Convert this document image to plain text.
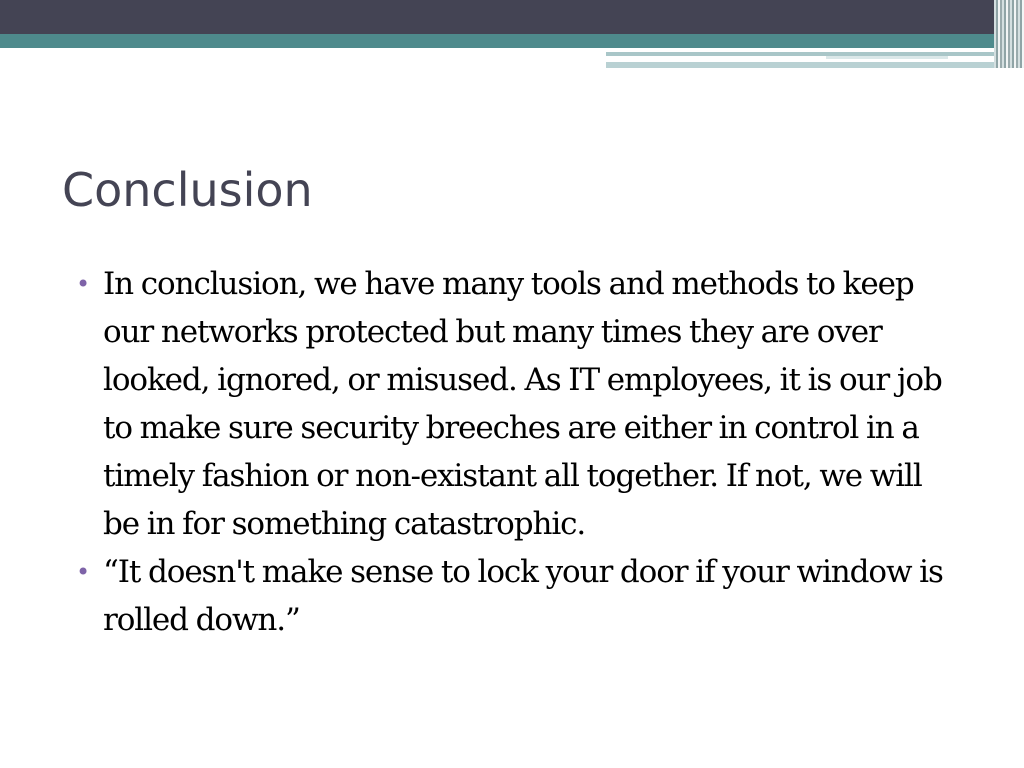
Conclusion
• In conclusion, we have many tools and methods to keep our networks protected but many times they are over looked, ignored, or misused. As IT employees, it is our job to make sure security breeches are either in control in a timely fashion or non-existant all together. If not, we will be in for something catastrophic.
• “It doesn't make sense to lock your door if your window is rolled down.”
